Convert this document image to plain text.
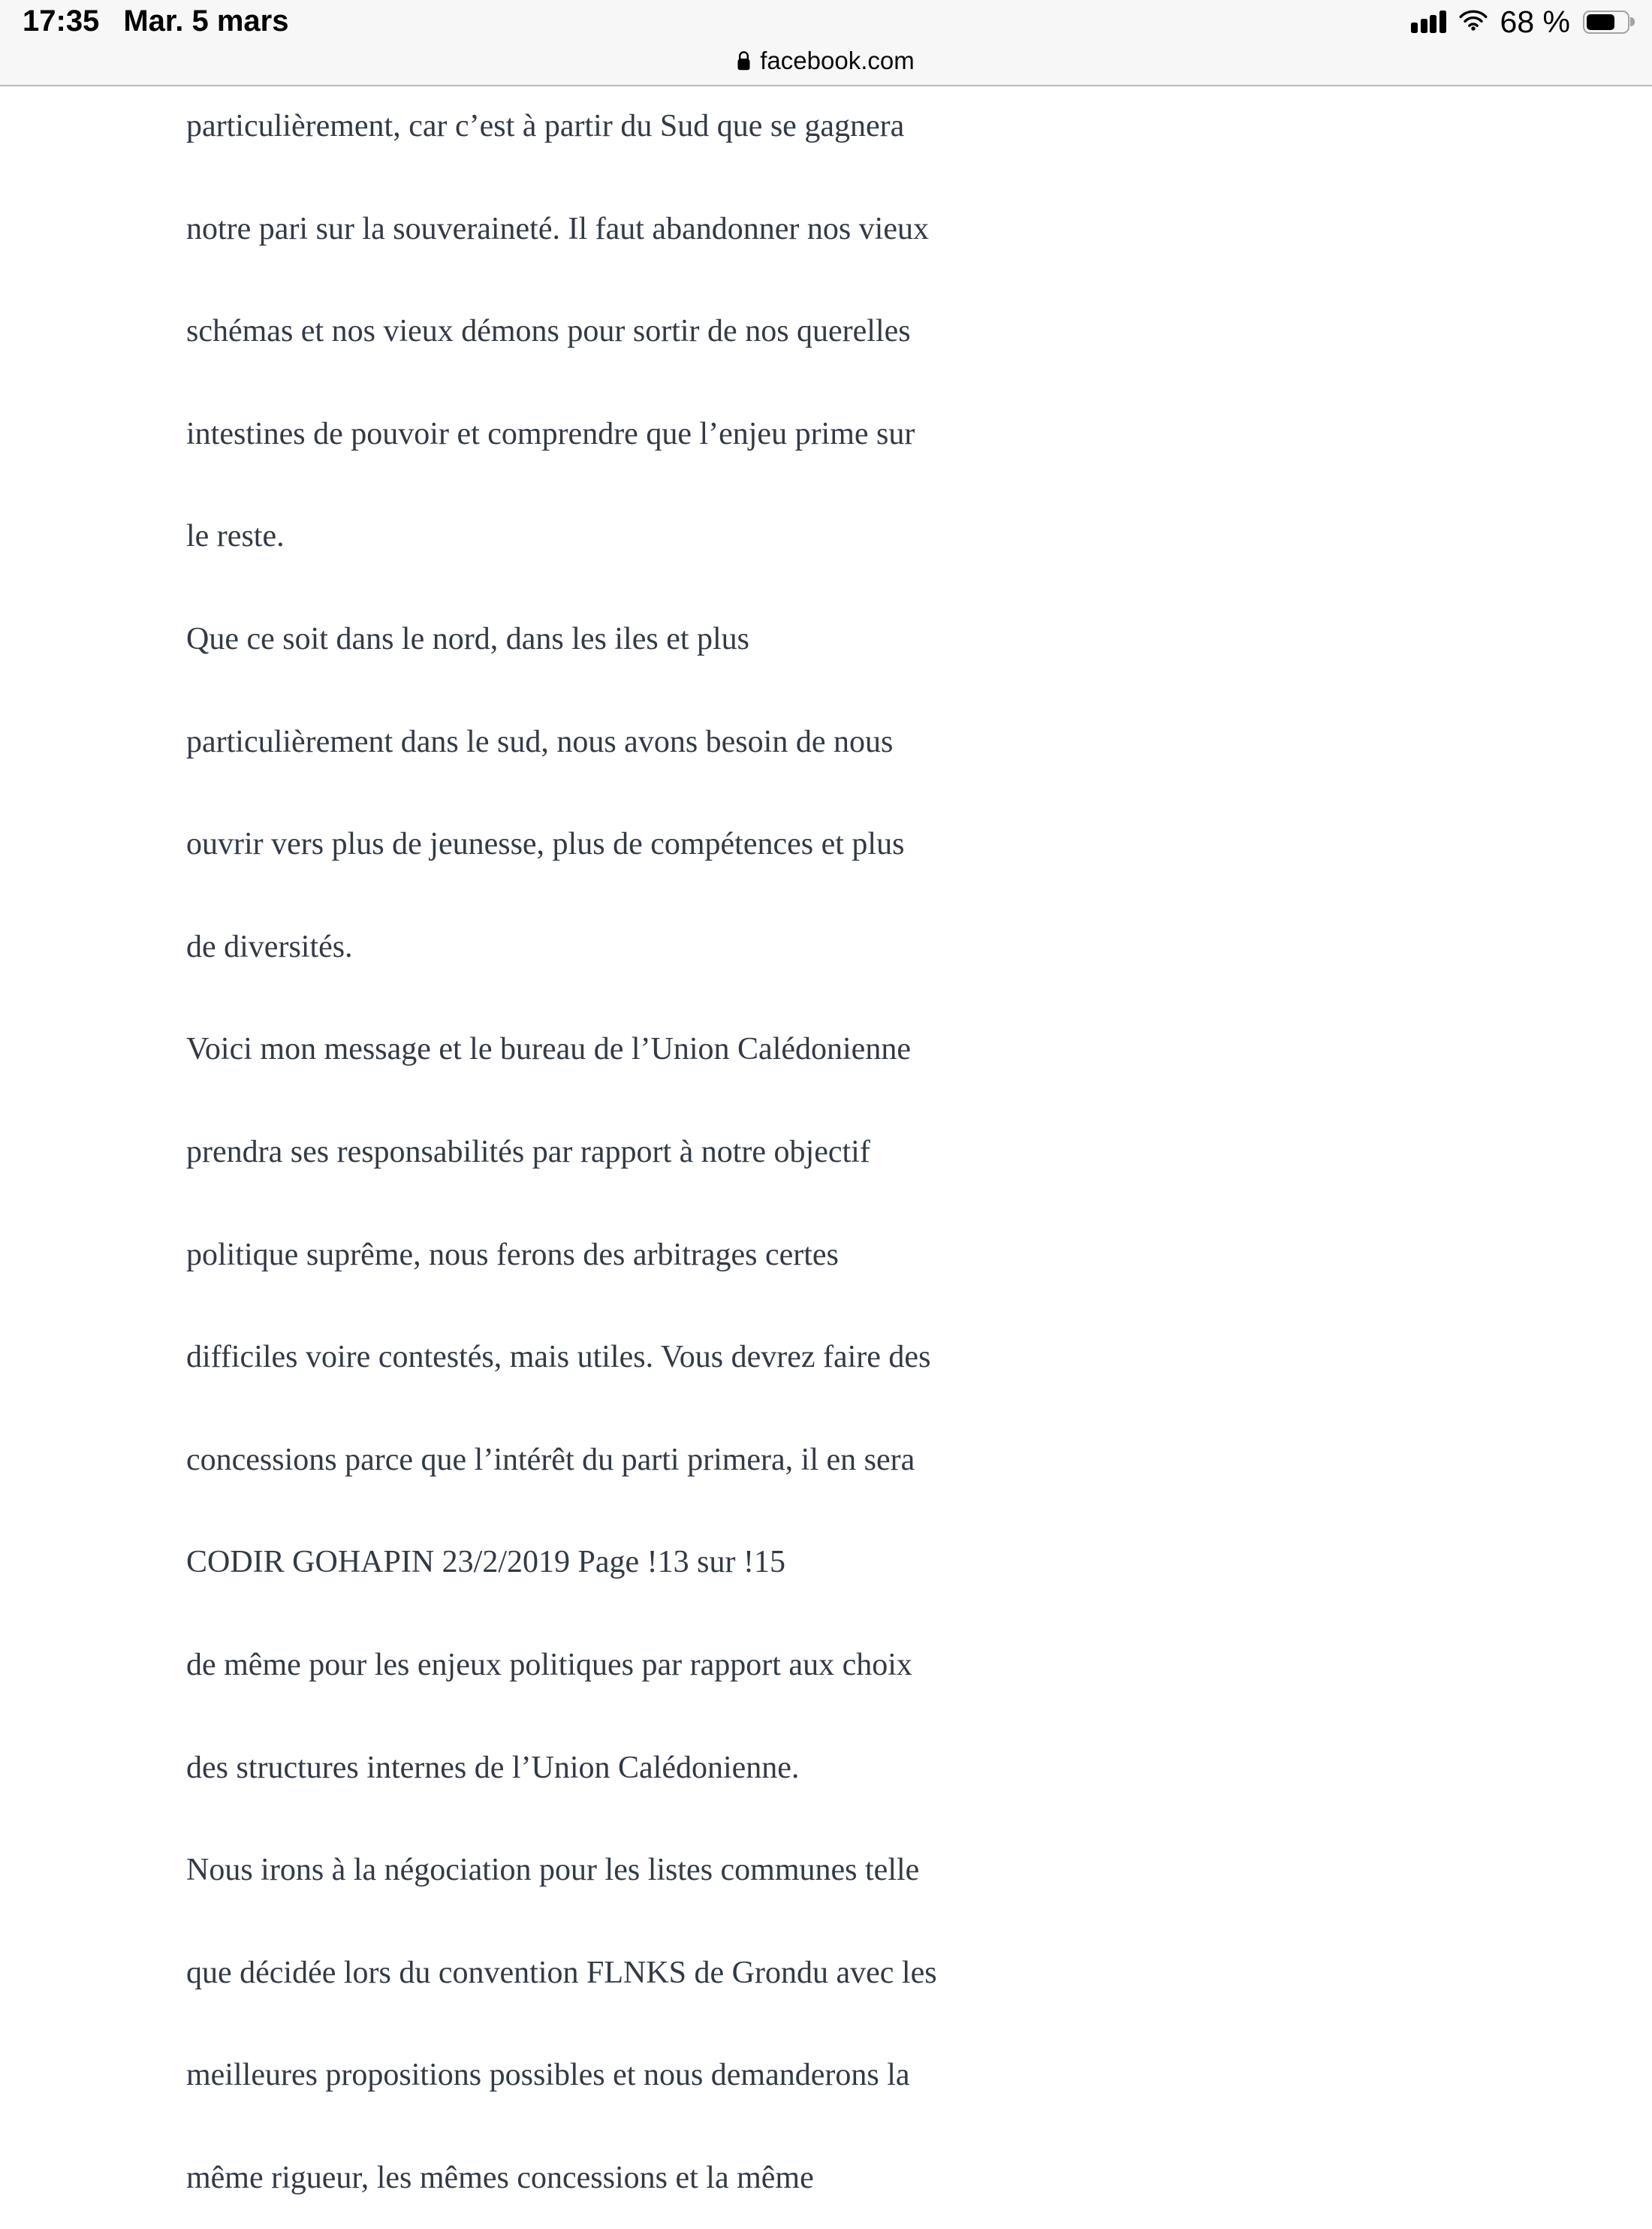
17:35 Mar. 5 mars	68 %
facebook.com
particulièrement, car c’est à partir du Sud que se gagnera
notre pari sur la souveraineté. Il faut abandonner nos vieux
schémas et nos vieux démons pour sortir de nos querelles
intestines de pouvoir et comprendre que l’enjeu prime sur
le reste.
Que ce soit dans le nord, dans les iles et plus
particulièrement dans le sud, nous avons besoin de nous
ouvrir vers plus de jeunesse, plus de compétences et plus
de diversités.
Voici mon message et le bureau de l’Union Calédonienne
prendra ses responsabilités par rapport à notre objectif
politique suprême, nous ferons des arbitrages certes
difficiles voire contestés, mais utiles. Vous devrez faire des
concessions parce que l’intérêt du parti primera, il en sera
CODIR GOHAPIN 23/2/2019 Page !13 sur !15
de même pour les enjeux politiques par rapport aux choix
des structures internes de l’Union Calédonienne.
Nous irons à la négociation pour les listes communes telle
que décidée lors du convention FLNKS de Grondu avec les
meilleures propositions possibles et nous demanderons la
même rigueur, les mêmes concessions et la même
